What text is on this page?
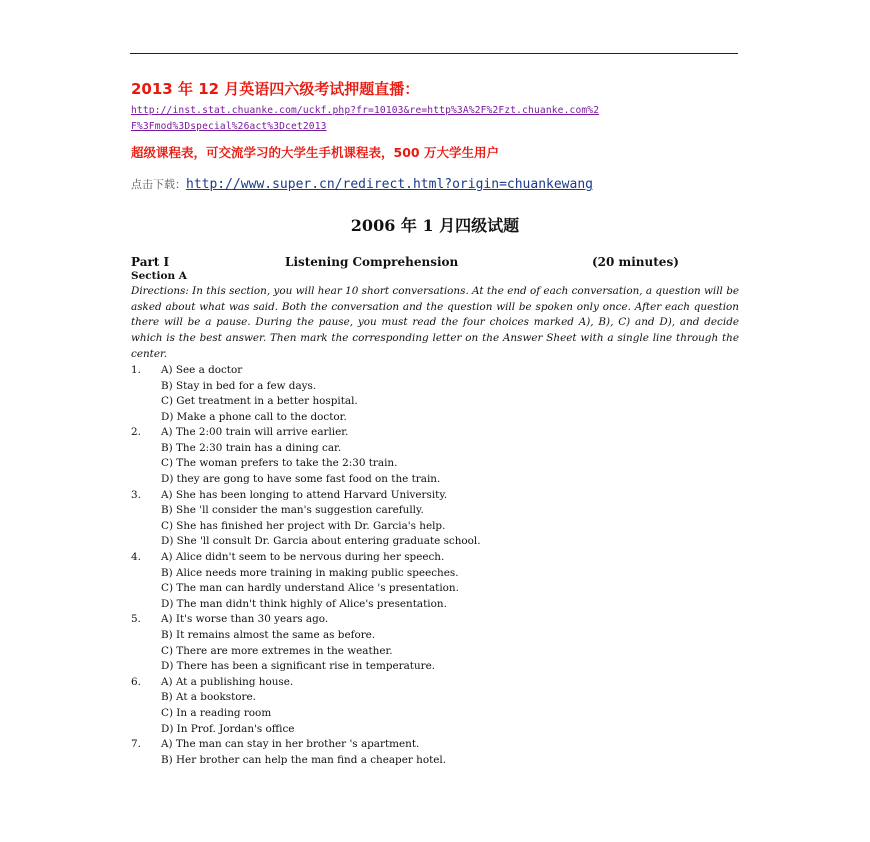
2013 年 12 月英语四六级考试押题直播：
http://inst.stat.chuanke.com/uckf.php?fr=10103&re=http%3A%2F%2Fzt.chuanke.com%2
F%3Fmod%3Dspecial%26act%3Dcet2013
超级课程表，可交流学习的大学生手机课程表，500 万大学生用户
点击下载：http://www.super.cn/redirect.html?origin=chuankewang
2006 年 1 月四级试题
Part I	Listening Comprehension	(20 minutes)
Section A
Directions: In this section, you will hear 10 short conversations. At the end of each conversation, a question will be asked about what was said. Both the conversation and the question will be spoken only once. After each question there will be a pause. During the pause, you must read the four choices marked A), B), C) and D), and decide which is the best answer. Then mark the corresponding letter on the Answer Sheet with a single line through the center.
1. A) See a doctor
B) Stay in bed for a few days.
C) Get treatment in a better hospital.
D) Make a phone call to the doctor.
2. A) The 2:00 train will arrive earlier.
B) The 2:30 train has a dining car.
C) The woman prefers to take the 2:30 train.
D) they are gong to have some fast food on the train.
3. A) She has been longing to attend Harvard University.
B) She 'll consider the man's suggestion carefully.
C) She has finished her project with Dr. Garcia's help.
D) She 'll consult Dr. Garcia about entering graduate school.
4. A) Alice didn't seem to be nervous during her speech.
B) Alice needs more training in making public speeches.
C) The man can hardly understand Alice 's presentation.
D) The man didn't think highly of Alice's presentation.
5. A) It's worse than 30 years ago.
B) It remains almost the same as before.
C) There are more extremes in the weather.
D) There has been a significant rise in temperature.
6. A) At a publishing house.
B) At a bookstore.
C) In a reading room
D) In Prof. Jordan's office
7. A) The man can stay in her brother 's apartment.
B) Her brother can help the man find a cheaper hotel.
